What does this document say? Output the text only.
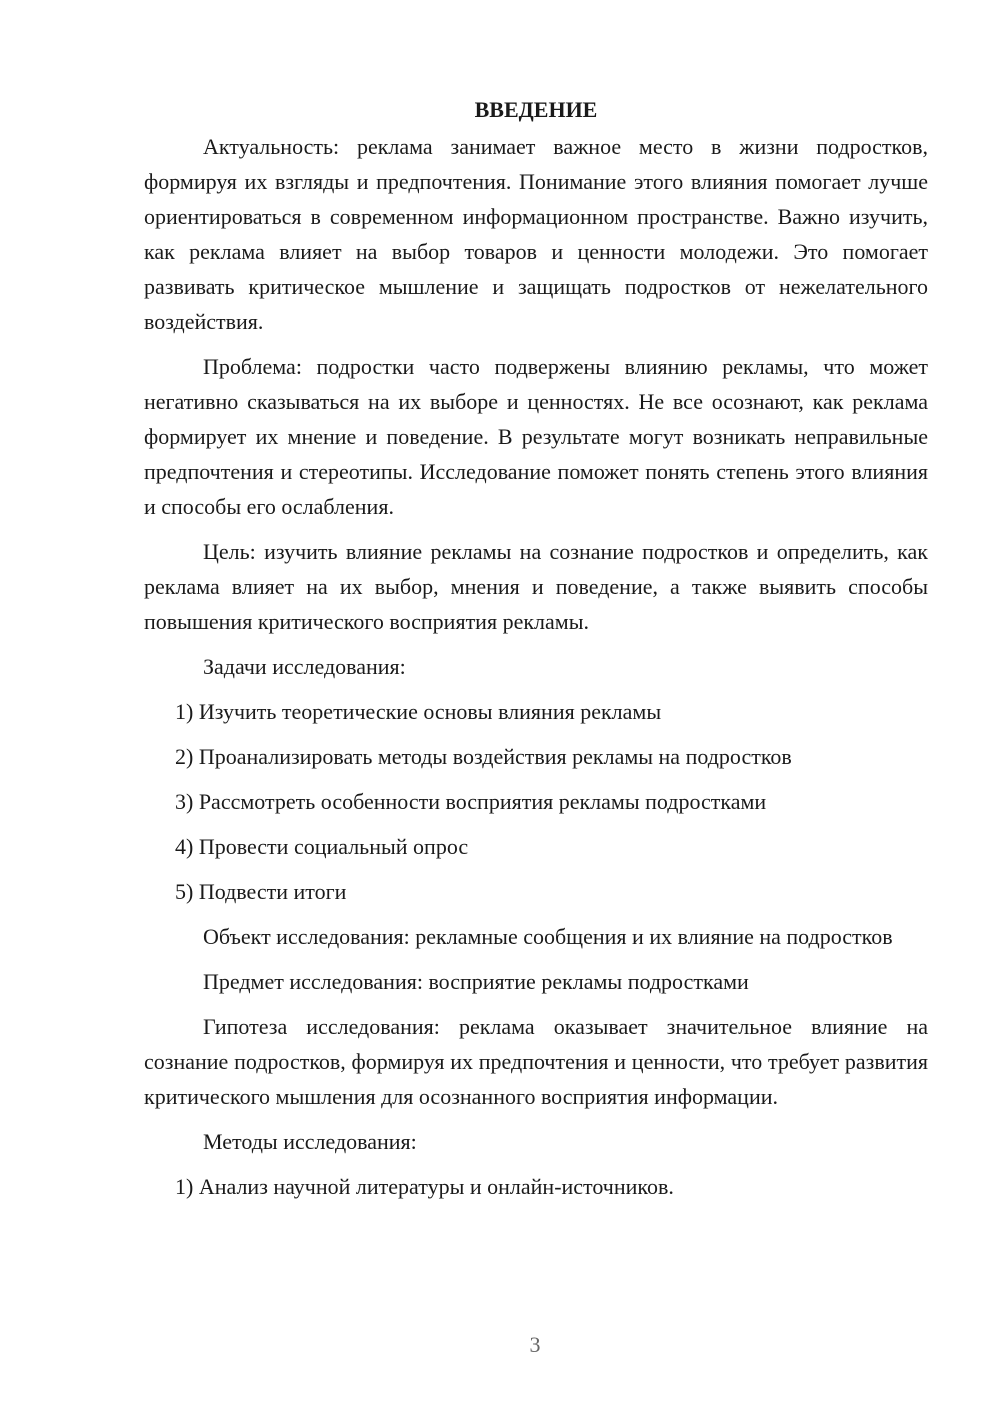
ВВЕДЕНИЕ

Актуальность: реклама занимает важное место в жизни подростков, формируя их взгляды и предпочтения. Понимание этого влияния помогает лучше ориентироваться в современном информационном пространстве. Важно изучить, как реклама влияет на выбор товаров и ценности молодежи. Это помогает развивать критическое мышление и защищать подростков от нежелательного воздействия.

Проблема: подростки часто подвержены влиянию рекламы, что может негативно сказываться на их выборе и ценностях. Не все осознают, как реклама формирует их мнение и поведение. В результате могут возникать неправильные предпочтения и стереотипы. Исследование поможет понять степень этого влияния и способы его ослабления.

Цель: изучить влияние рекламы на сознание подростков и определить, как реклама влияет на их выбор, мнения и поведение, а также выявить способы повышения критического восприятия рекламы.

Задачи исследования:

1) Изучить теоретические основы влияния рекламы
2) Проанализировать методы воздействия рекламы на подростков
3) Рассмотреть особенности восприятия рекламы подростками
4) Провести социальный опрос
5) Подвести итоги

Объект исследования: рекламные сообщения и их влияние на подростков

Предмет исследования: восприятие рекламы подростками

Гипотеза исследования: реклама оказывает значительное влияние на сознание подростков, формируя их предпочтения и ценности, что требует развития критического мышления для осознанного восприятия информации.

Методы исследования:

1) Анализ научной литературы и онлайн-источников.
3
